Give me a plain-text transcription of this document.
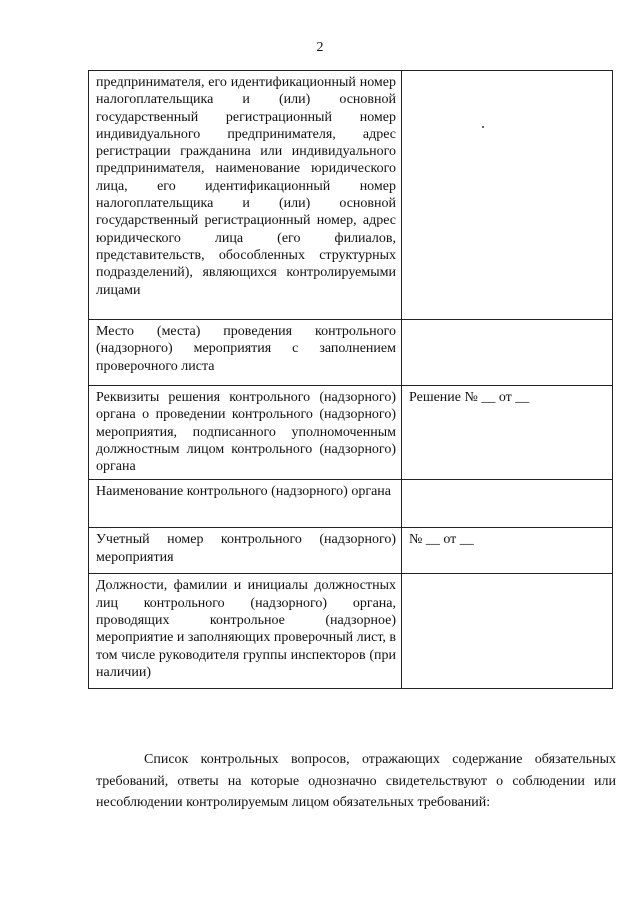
2
предпринимателя, его идентификационный номер налогоплательщика и (или) основной государственный регистрационный номер индивидуального предпринимателя, адрес регистрации гражданина или индивидуального предпринимателя, наименование юридического лица, его идентификационный номер налогоплательщика и (или) основной государственный регистрационный номер, адрес юридического лица (его филиалов, представительств, обособленных структурных подразделений), являющихся контролируемыми лицами	
Место (места) проведения контрольного (надзорного) мероприятия с заполнением проверочного листа	
Реквизиты решения контрольного (надзорного) органа о проведении контрольного (надзорного) мероприятия, подписанного уполномоченным должностным лицом контрольного (надзорного) органа	Решение № __ от __
Наименование контрольного (надзорного) органа	
Учетный номер контрольного (надзорного) мероприятия	№ __ от __
Должности, фамилии и инициалы должностных лиц контрольного (надзорного) органа, проводящих контрольное (надзорное) мероприятие и заполняющих проверочный лист, в том числе руководителя группы инспекторов (при наличии)	
Список контрольных вопросов, отражающих содержание обязательных требований, ответы на которые однозначно свидетельствуют о соблюдении или несоблюдении контролируемым лицом обязательных требований:
